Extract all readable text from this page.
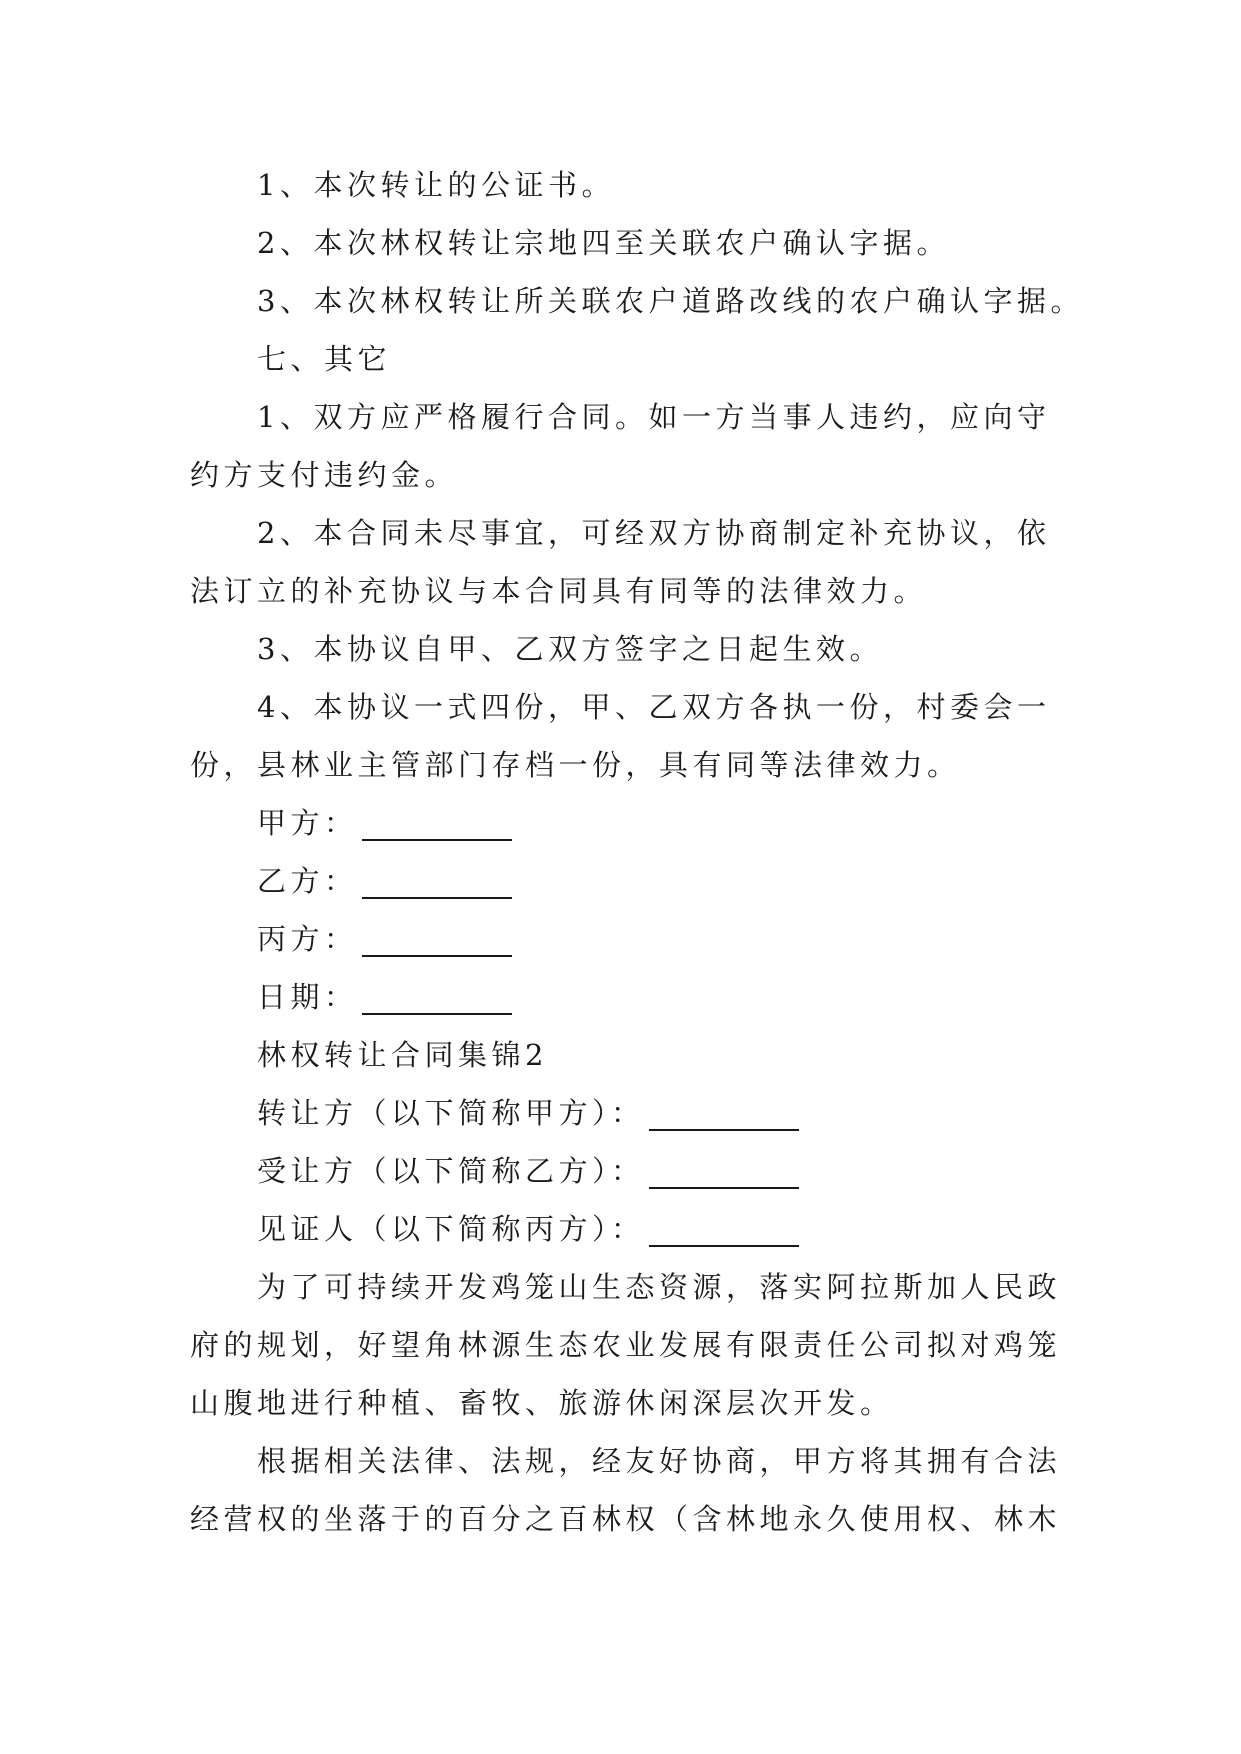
1、本次转让的公证书。
2、本次林权转让宗地四至关联农户确认字据。
3、本次林权转让所关联农户道路改线的农户确认字据。
七、其它
1、双方应严格履行合同。如一方当事人违约，应向守
约方支付违约金。
2、本合同未尽事宜，可经双方协商制定补充协议，依
法订立的补充协议与本合同具有同等的法律效力。
3、本协议自甲、乙双方签字之日起生效。
4、本协议一式四份，甲、乙双方各执一份，村委会一
份，县林业主管部门存档一份，具有同等法律效力。
甲方：
乙方：
丙方：
日期：
林权转让合同集锦2
转让方（以下简称甲方）：
受让方（以下简称乙方）：
见证人（以下简称丙方）：
为了可持续开发鸡笼山生态资源，落实阿拉斯加人民政
府的规划，好望角林源生态农业发展有限责任公司拟对鸡笼
山腹地进行种植、畜牧、旅游休闲深层次开发。
根据相关法律、法规，经友好协商，甲方将其拥有合法
经营权的坐落于的百分之百林权（含林地永久使用权、林木
